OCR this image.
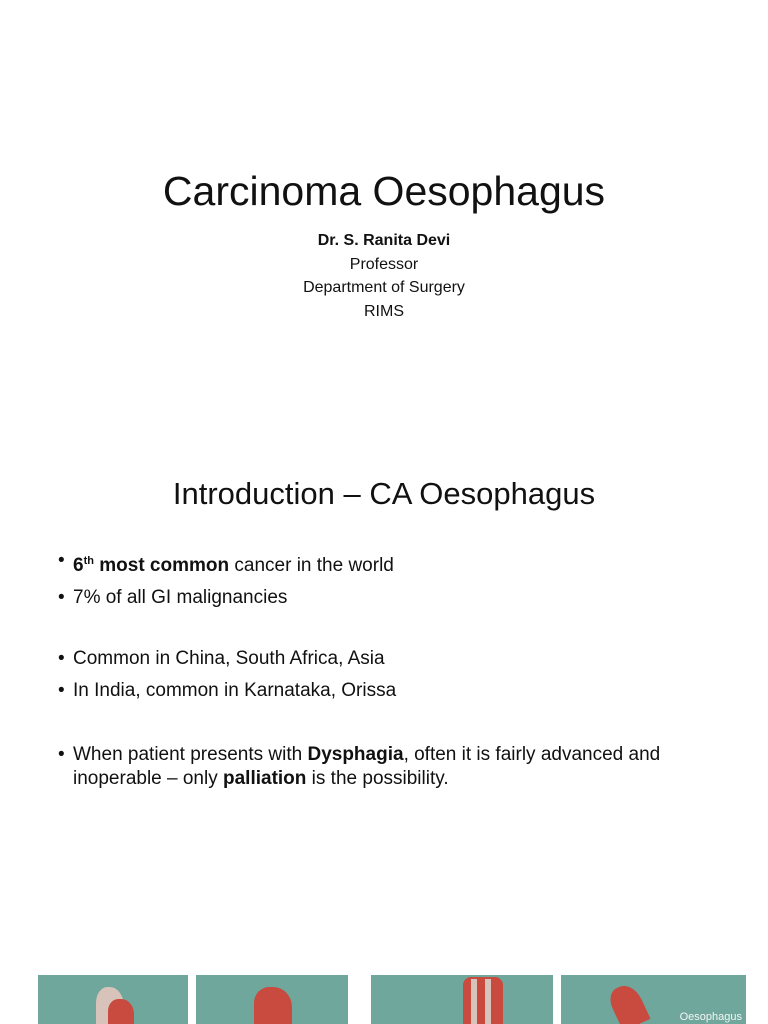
Carcinoma Oesophagus
Dr. S. Ranita Devi
Professor
Department of Surgery
RIMS
Introduction – CA Oesophagus

• 6th most common cancer in the world

• 7% of all GI malignancies

• Common in China, South Africa, Asia

• In India, common in Karnataka, Orissa

• When patient presents with Dysphagia, often it is fairly advanced and inoperable – only palliation is the possibility.

Oesophagus
